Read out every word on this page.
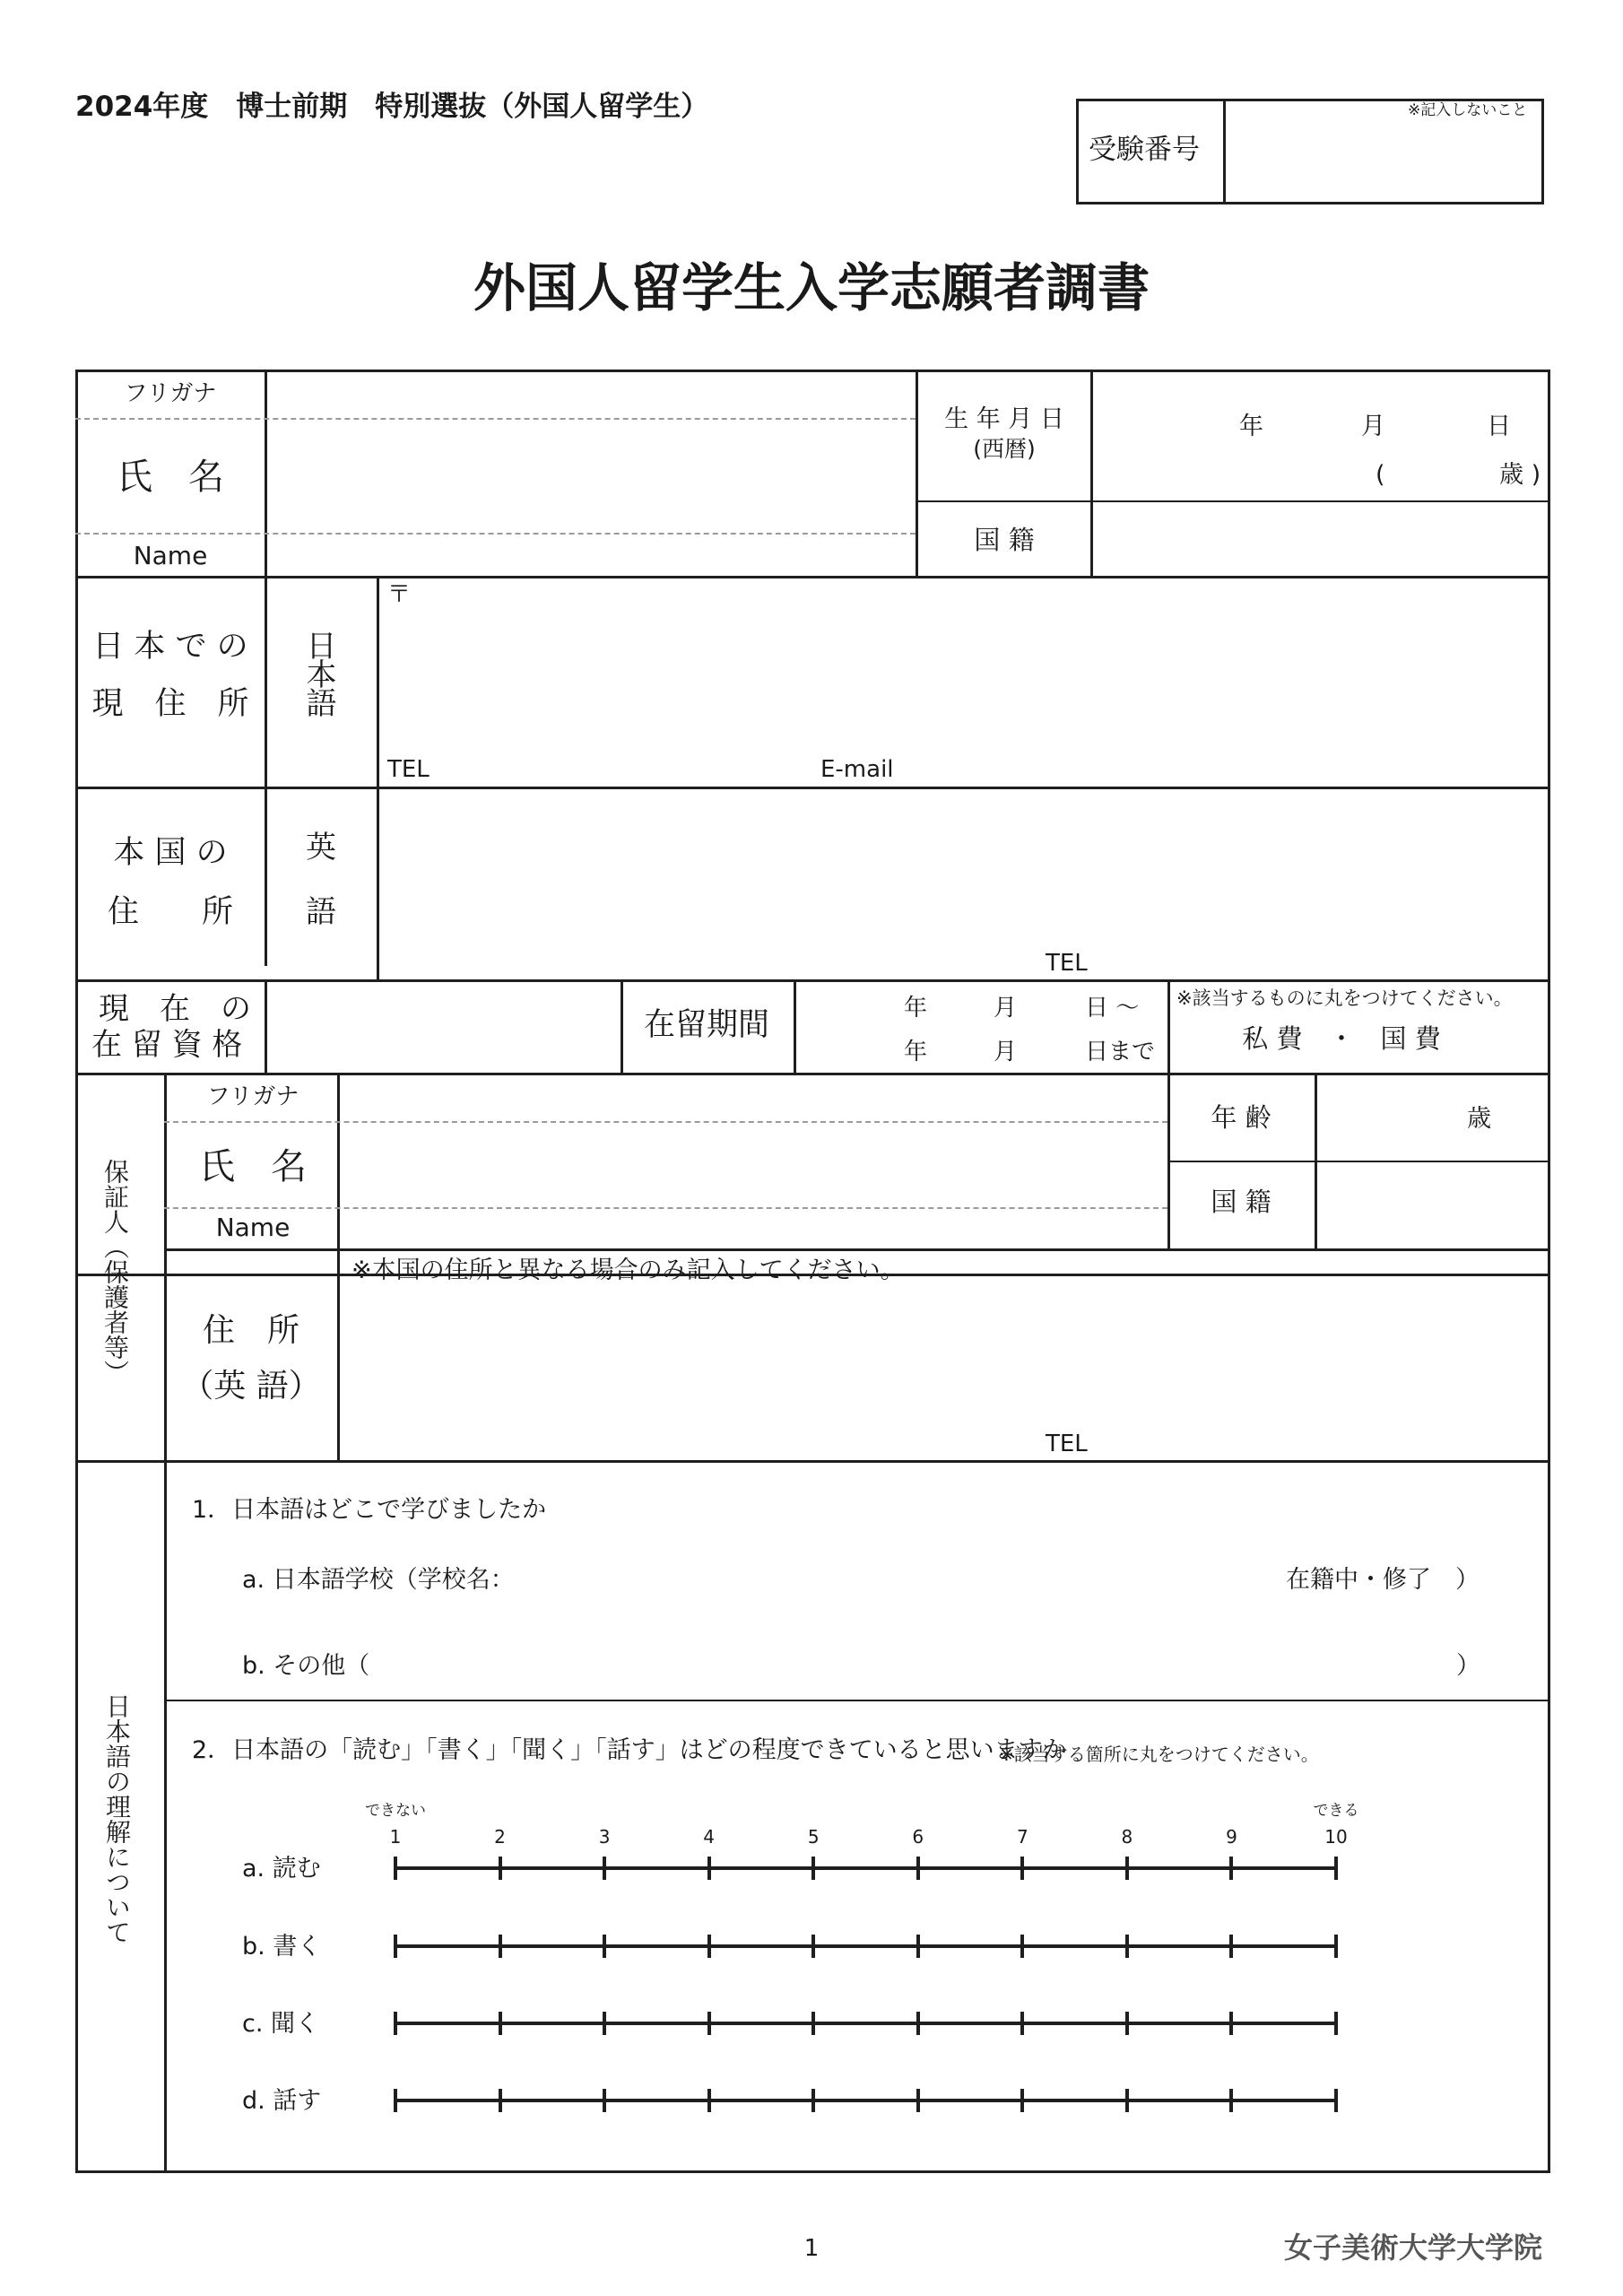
2024年度　博士前期　特別選抜（外国人留学生）
受験番号
※記入しないこと
外国人留学生入学志願者調書
フリガナ
氏　名
Name
生 年 月 日
(西暦)
年	月	日
(	歳 )
国 籍
日 本 で の
現　住　所 日本語
〒
TEL	E-mail
本 国 の
住　　所
英
語
TEL
現　在　の
在 留 資 格
在留期間	年	月	日 〜
年	月	日まで
※該当するものに丸をつけてください。
私 費　・　国 費
保証人（保護者等）
フリガナ
氏　名
Name
年 齢	歳
国 籍
住　所
（英 語）
※本国の住所と異なる場合のみ記入してください。
TEL
日本語の理解について
1．日本語はどこで学びましたか
a. 日本語学校（学校名：	在籍中・修了　）
b. その他（	）
2．日本語の「読む」「書く」「聞く」「話す」はどの程度できていると思いますか
※該当する箇所に丸をつけてください。
できない	できる
1	2	3	4	5	6	7	8	9	10
a. 読む
b. 書く
c. 聞く
d. 話す
1	女子美術大学大学院
